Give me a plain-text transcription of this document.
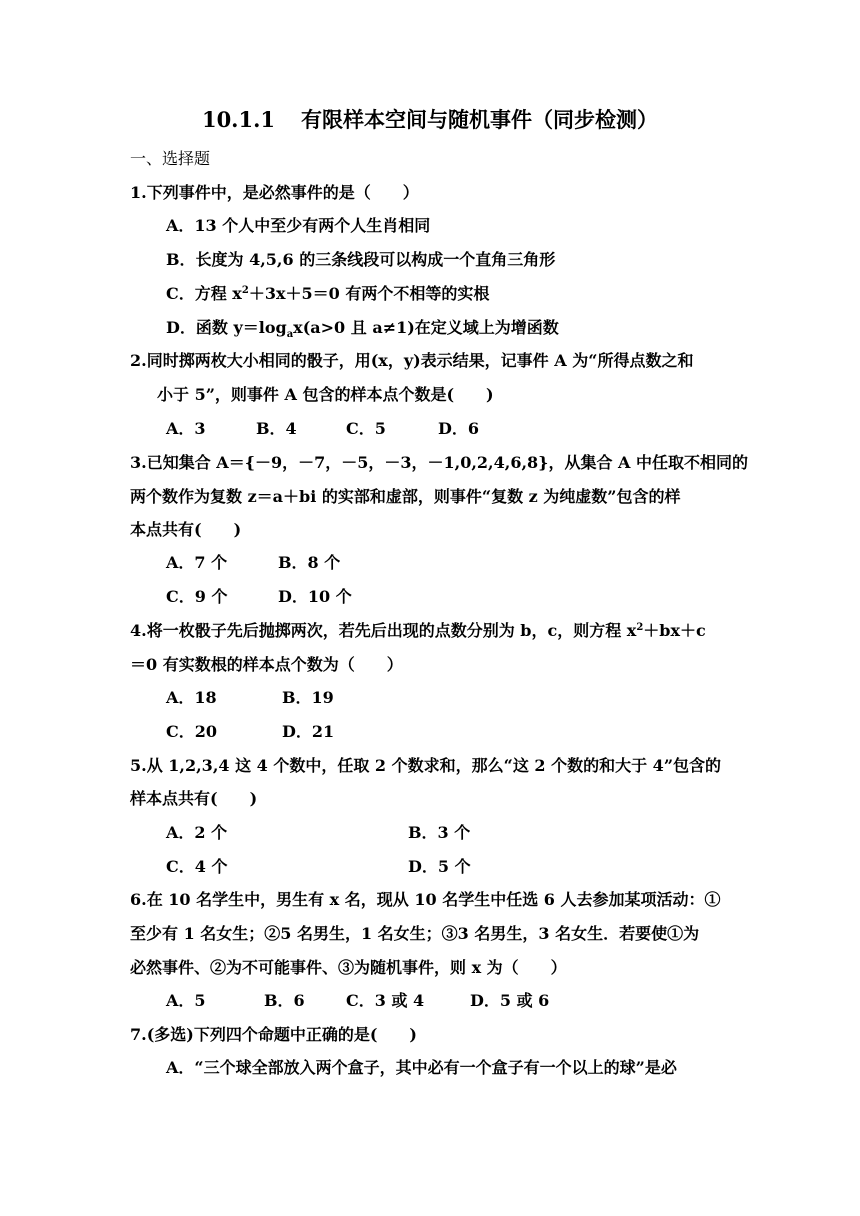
10.1.1 有限样本空间与随机事件（同步检测）
一、选择题
1.下列事件中，是必然事件的是（　　）
A．13 个人中至少有两个人生肖相同
B．长度为 4,5,6 的三条线段可以构成一个直角三角形
C．方程 $x^2+3x+5=0$ 有两个不相等的实根
D．函数 $y=\log_ax(a>0$ 且 a≠1)在定义域上为增函数
2.同时掷两枚大小相同的骰子，用(x，y)表示结果，记事件 A 为“所得点数之和
小于 5”，则事件 A 包含的样本点个数是(　　)
A．3	B．4	C．5	D．6
3.已知集合 A＝{－9，－7，－5，－3，－1,0,2,4,6,8}，从集合 A 中任取不相同的
两个数作为复数 z＝a＋bi 的实部和虚部，则事件“复数 z 为纯虚数”包含的样
本点共有(　　)
A．7 个	B．8 个
C．9 个	D．10 个
4.将一枚骰子先后抛掷两次，若先后出现的点数分别为 b，c，则方程 $x^2+bx+c$
＝0 有实数根的样本点个数为（　　）
A．18	B．19
C．20	D．21
5.从 1,2,3,4 这 4 个数中，任取 2 个数求和，那么“这 2 个数的和大于 4”包含的
样本点共有(　　)
A．2 个	B．3 个
C．4 个	D．5 个
6.在 10 名学生中，男生有 x 名，现从 10 名学生中任选 6 人去参加某项活动：①
至少有 1 名女生；②5 名男生，1 名女生；③3 名男生，3 名女生．若要使①为
必然事件、②为不可能事件、③为随机事件，则 x 为（　　）
A．5	B．6	C．3 或 4	D．5 或 6
7.(多选)下列四个命题中正确的是(　　)
A．“三个球全部放入两个盒子，其中必有一个盒子有一个以上的球”是必
